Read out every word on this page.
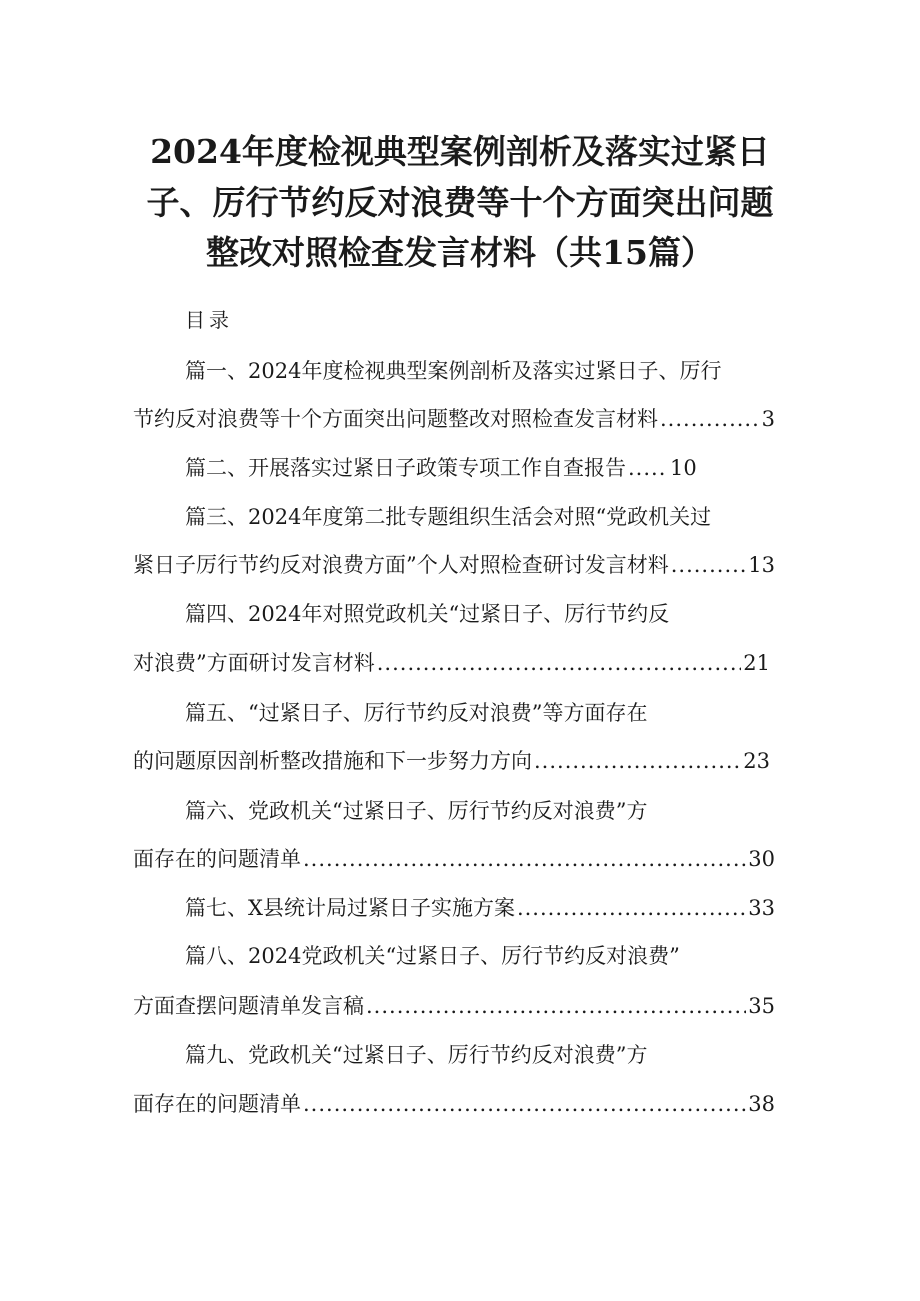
2024年度检视典型案例剖析及落实过紧日
子、厉行节约反对浪费等十个方面突出问题
整改对照检查发言材料（共15篇）
目录
篇一、2024年度检视典型案例剖析及落实过紧日子、厉行
节约反对浪费等十个方面突出问题整改对照检查发言材料 .....	3
篇二、开展落实过紧日子政策专项工作自查报告 ..... 10
篇三、2024年度第二批专题组织生活会对照“党政机关过
紧日子厉行节约反对浪费方面”个人对照检查研讨发言材料 .....	13
篇四、2024年对照党政机关“过紧日子、厉行节约反
对浪费”方面研讨发言材料 .....	21
篇五、“过紧日子、厉行节约反对浪费”等方面存在
的问题原因剖析整改措施和下一步努力方向 .....	23
篇六、党政机关“过紧日子、厉行节约反对浪费”方
面存在的问题清单 .....	30
篇七、X县统计局过紧日子实施方案 .....	33
篇八、2024党政机关“过紧日子、厉行节约反对浪费”
方面查摆问题清单发言稿 .....	35
篇九、党政机关“过紧日子、厉行节约反对浪费”方
面存在的问题清单 .....	38
